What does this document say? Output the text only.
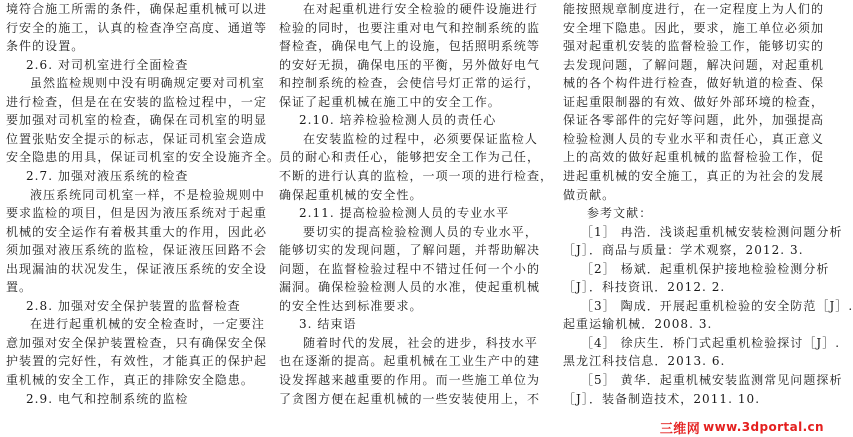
境符合施工所需的条件，确保起重机械可以进
行安全的施工，认真的检查净空高度、通道等
条件的设置。
2.6. 对司机室进行全面检查
虽然监检规则中没有明确规定要对司机室
进行检查，但是在在安装的监检过程中，一定
要加强对司机室的检查，确保在司机室的明显
位置张贴安全提示的标志，保证司机室会造成
安全隐患的用具，保证司机室的安全设施齐全。
2.7. 加强对液压系统的检查
液压系统同司机室一样，不是检验规则中
要求监检的项目，但是因为液压系统对于起重
机械的安全运作有着极其重大的作用，因此必
须加强对液压系统的监检，保证液压回路不会
出现漏油的状况发生，保证液压系统的安全设
置。
2.8. 加强对安全保护装置的监督检查
在进行起重机械的安全检查时，一定要注
意加强对安全保护装置检查，只有确保安全保
护装置的完好性，有效性，才能真正的保护起
重机械的安全工作，真正的排除安全隐患。
2.9. 电气和控制系统的监检
在对起重机进行安全检验的硬件设施进行
检验的同时，也要注重对电气和控制系统的监
督检查，确保电气上的设施，包括照明系统等
的安好无损，确保电压的平衡，另外做好电气
和控制系统的检查，会使信号灯正常的运行，
保证了起重机械在施工中的安全工作。
2.10. 培养检验检测人员的责任心
在安装监检的过程中，必须要保证监检人
员的耐心和责任心，能够把安全工作为己任，
不断的进行认真的监检，一项一项的进行检查，
确保起重机械的安全性。
2.11. 提高检验检测人员的专业水平
要切实的提高检验检测人员的专业水平，
能够切实的发现问题，了解问题，并帮助解决
问题，在监督检验过程中不错过任何一个小的
漏洞。确保检验检测人员的水准，使起重机械
的安全性达到标准要求。
3. 结束语
随着时代的发展，社会的进步，科技水平
也在逐渐的提高。起重机械在工业生产中的建
设发挥越来越重要的作用。而一些施工单位为
了贪图方便在起重机械的一些安装使用上，不
能按照规章制度进行，在一定程度上为人们的
安全埋下隐患。因此，要求，施工单位必须加
强对起重机安装的监督检验工作，能够切实的
去发现问题，了解问题，解决问题，对起重机
械的各个构件进行检查，做好轨道的检查、保
证起重限制器的有效、做好外部环境的检查，
保证各零部件的完好等问题，此外，加强提高
检验检测人员的专业水平和责任心，真正意义
上的高效的做好起重机械的监督检验工作，促
进起重机械的安全施工，真正的为社会的发展
做贡献。
参考文献：
［1］ 冉浩．浅谈起重机械安装检测问题分析
［J］．商品与质量：学术观察，2012. 3.
［2］ 杨斌．起重机保护接地检验检测分析
［J］．科技资讯．2012. 2.
［3］ 陶成．开展起重机检验的安全防范［J］.
起重运输机械．2008. 3.
［4］ 徐庆生．桥门式起重机检验探讨［J］.
黑龙江科技信息．2013. 6.
［5］ 黄华．起重机械安装监测常见问题探析
［J］．装备制造技术，2011. 10.
三维网 www.3dportal.cn
